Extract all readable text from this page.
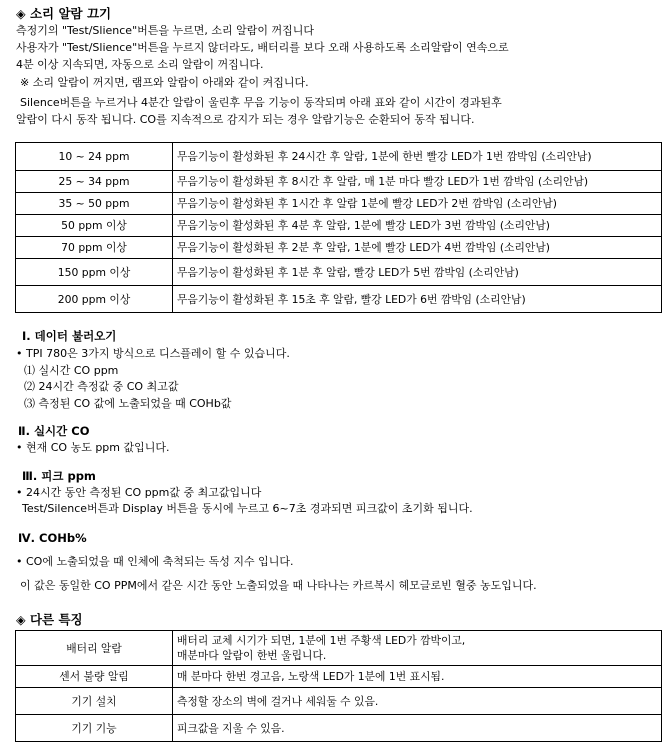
◈ 소리 알람 끄기
측정기의 "Test/Slience"버튼을 누르면, 소리 알람이 꺼집니다
사용자가 "Test/Slience"버튼을 누르지 않더라도, 배터리를 보다 오래 사용하도록 소리알람이 연속으로
4분 이상 지속되면, 자동으로 소리 알람이 꺼집니다.
※ 소리 알람이 꺼지면, 램프와 알람이 아래와 같이 켜집니다.
Silence버튼을 누르거나 4분간 알람이 울린후 무음 기능이 동작되며 아래 표와 같이 시간이 경과된후
알람이 다시 동작 됩니다. CO를 지속적으로 감지가 되는 경우 알람기능은 순환되어 동작 됩니다.
10 ~ 24 ppm	무음기능이 활성화된 후 24시간 후 알람, 1분에 한번 빨강 LED가 1번 깜박임 (소리안남)
25 ~ 34 ppm	무음기능이 활성화된 후 8시간 후 알람, 매 1분 마다 빨강 LED가 1번 깜박임 (소리안남)
35 ~ 50 ppm	무음기능이 활성화된 후 1시간 후 알람 1분에 빨강 LED가 2번 깜박임 (소리안남)
50 ppm 이상	무음기능이 활성화된 후 4분 후 알람, 1분에 빨강 LED가 3번 깜박임 (소리안남)
70 ppm 이상	무음기능이 활성화된 후 2분 후 알람, 1분에 빨강 LED가 4번 깜박임 (소리안남)
150 ppm 이상	무음기능이 활성화된 후 1분 후 알람, 빨강 LED가 5번 깜박임 (소리안남)
200 ppm 이상	무음기능이 활성화된 후 15초 후 알람, 빨강 LED가 6번 깜박임 (소리안남)
Ⅰ. 데이터 불러오기
• TPI 780은 3가지 방식으로 디스플레이 할 수 있습니다.
⑴ 실시간 CO ppm
⑵ 24시간 측정값 중 CO 최고값
⑶ 측정된 CO 값에 노출되었을 때 COHb값
Ⅱ. 실시간 CO
• 현재 CO 농도 ppm 값입니다.
Ⅲ. 피크 ppm
• 24시간 동안 측정된 CO ppm값 중 최고값입니다
Test/Silence버튼과 Display 버튼을 동시에 누르고 6~7초 경과되면 피크값이 초기화 됩니다.
Ⅳ. COHb%
• CO에 노출되었을 때 인체에 축척되는 독성 지수 입니다.
이 값은 동일한 CO PPM에서 같은 시간 동안 노출되었을 때 나타나는 카르복시 헤모글로빈 혈중 농도입니다.
◈ 다른 특징
배터리 알람	배터리 교체 시기가 되면, 1분에 1번 주황색 LED가 깜박이고,
매분마다 알람이 한번 울립니다.
센서 불량 알림	매 분마다 한번 경고음, 노랑색 LED가 1분에 1번 표시됨.
기기 설치	측정할 장소의 벽에 걸거나 세워둘 수 있음.
기기 기능	피크값을 지울 수 있음.
